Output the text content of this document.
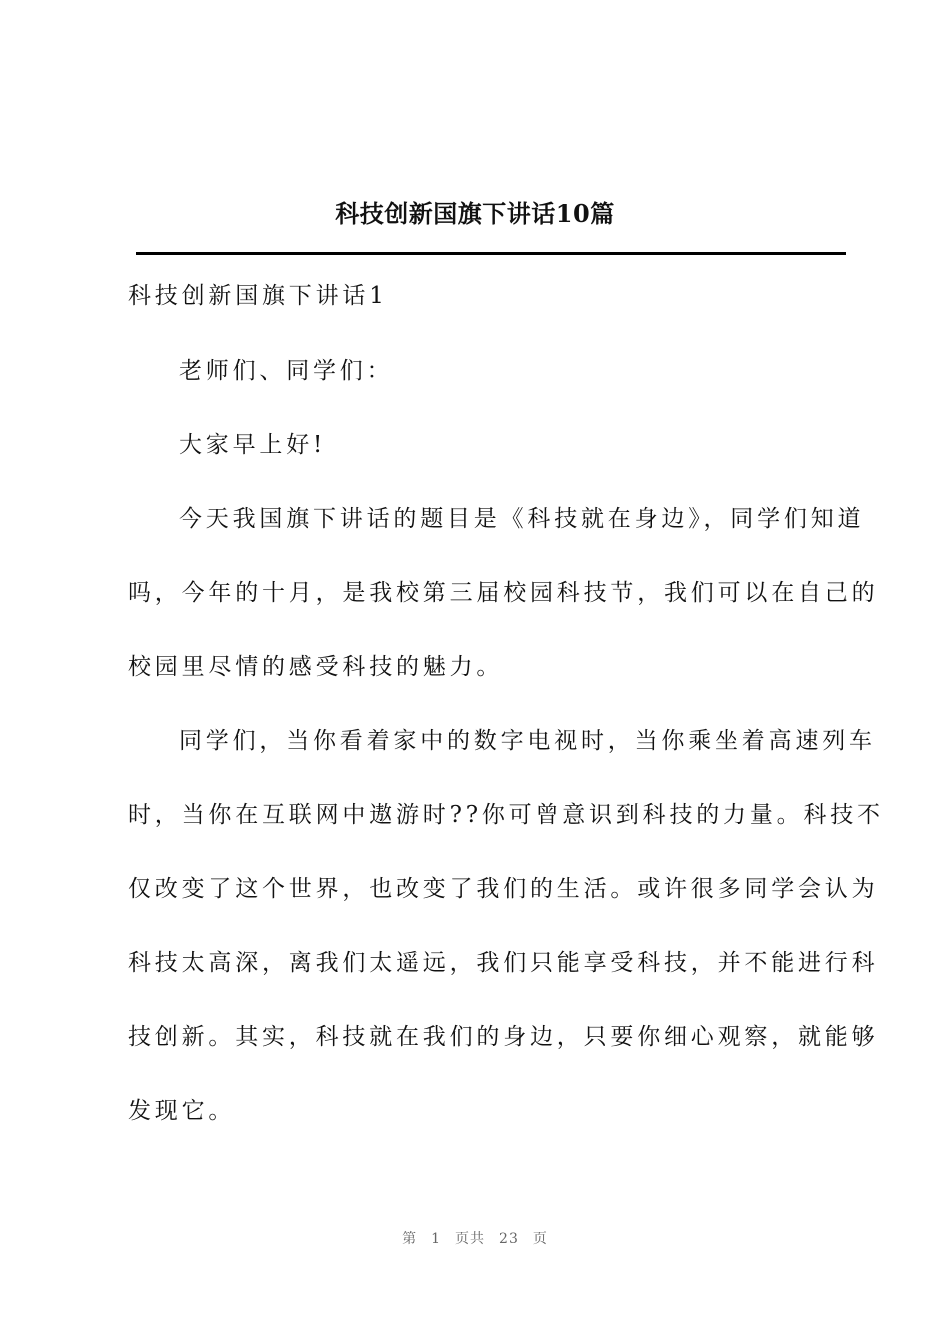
科技创新国旗下讲话10篇
科技创新国旗下讲话1
老师们、同学们：
大家早上好!
今天我国旗下讲话的题目是《科技就在身边》，同学们知道
吗，今年的十月，是我校第三届校园科技节，我们可以在自己的
校园里尽情的感受科技的魅力。
同学们，当你看着家中的数字电视时，当你乘坐着高速列车
时，当你在互联网中遨游时??你可曾意识到科技的力量。科技不
仅改变了这个世界，也改变了我们的生活。或许很多同学会认为
科技太高深，离我们太遥远，我们只能享受科技，并不能进行科
技创新。其实，科技就在我们的身边，只要你细心观察，就能够
发现它。
第 1 页共 23 页
